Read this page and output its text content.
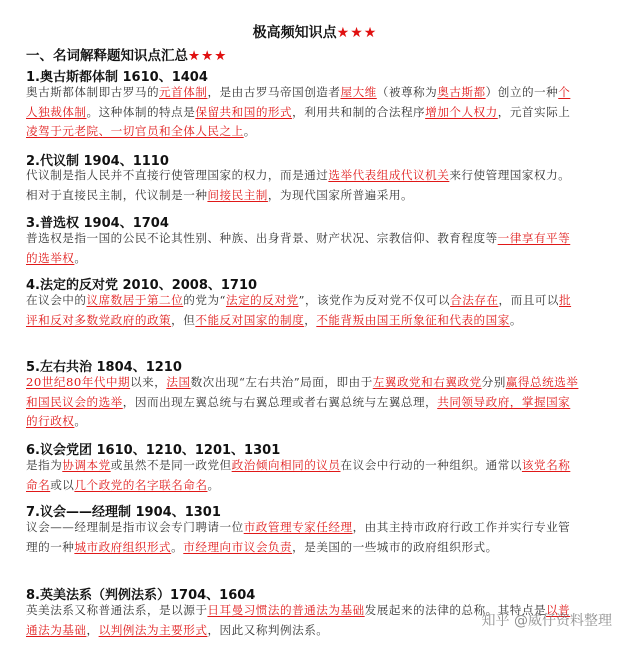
极高频知识点★★★
一、名词解释题知识点汇总★★★
1.奥古斯都体制 1610、1404

奥古斯都体制即古罗马的元首体制，是由古罗马帝国创造者屋大维（被尊称为奥古斯都）创立的一种个人独裁体制。这种体制的特点是保留共和国的形式，利用共和制的合法程序增加个人权力，元首实际上凌驾于元老院、一切官员和全体人民之上。

2.代议制 1904、1110

代议制是指人民并不直接行使管理国家的权力，而是通过选举代表组成代议机关来行使管理国家权力。相对于直接民主制，代议制是一种间接民主制，为现代国家所普遍采用。

3.普选权 1904、1704

普选权是指一国的公民不论其性别、种族、出身背景、财产状况、宗教信仰、教育程度等一律享有平等的选举权。

4.法定的反对党 2010、2008、1710

在议会中的议席数居于第二位的党为“法定的反对党”，该党作为反对党不仅可以合法存在，而且可以批评和反对多数党政府的政策，但不能反对国家的制度，不能背叛由国王所象征和代表的国家。

5.左右共治 1804、1210

20世纪80年代中期以来，法国数次出现“左右共治”局面，即由于左翼政党和右翼政党分别赢得总统选举和国民议会的选举，因而出现左翼总统与右翼总理或者右翼总统与左翼总理，共同领导政府，掌握国家的行政权。

6.议会党团 1610、1210、1201、1301

是指为协调本党或虽然不是同一政党但政治倾向相同的议员在议会中行动的一种组织。通常以该党名称命名或以几个政党的名字联名命名。

7.议会——经理制 1904、1301

议会——经理制是指市议会专门聘请一位市政管理专家任经理，由其主持市政府行政工作并实行专业管理的一种城市政府组织形式。市经理向市议会负责，是美国的一些城市的政府组织形式。

8.英美法系（判例法系）1704、1604

英美法系又称普通法系，是以源于日耳曼习惯法的普通法为基础发展起来的法律的总称。其特点是以普通法为基础，以判例法为主要形式，因此又称判例法系。

知乎 @威仔资料整理
